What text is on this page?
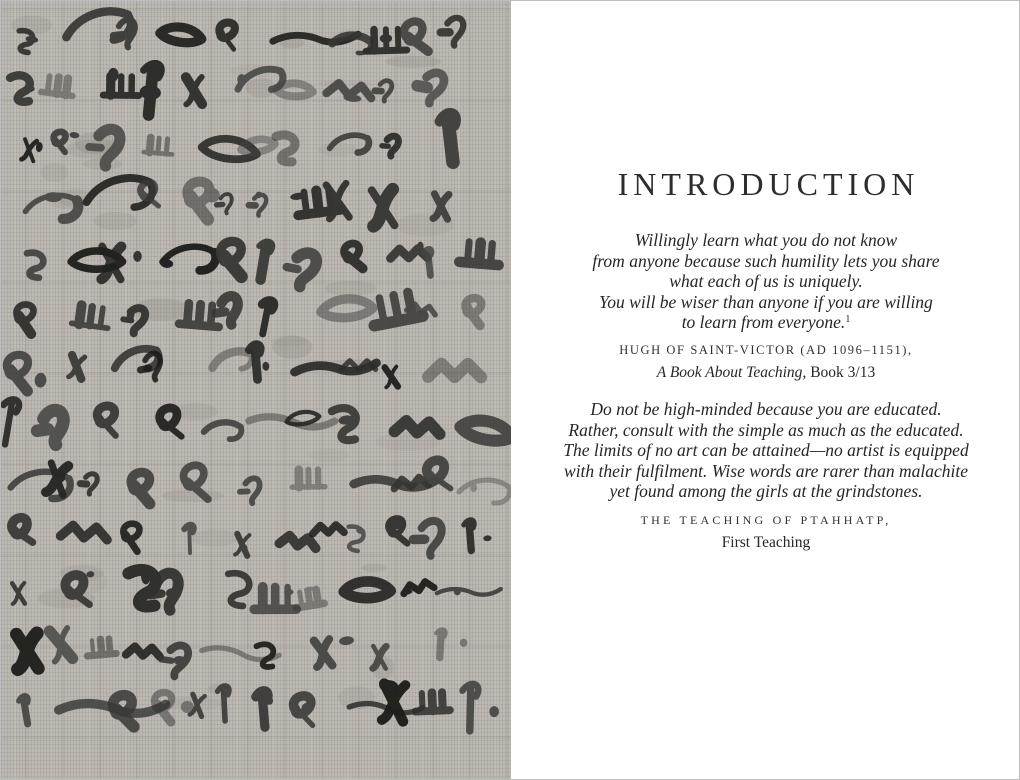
INTRODUCTION
Willingly learn what you do not know
from anyone because such humility lets you share
what each of us is uniquely.
You will be wiser than anyone if you are willing
to learn from everyone.$^1$
HUGH OF SAINT-VICTOR (AD 1096–1151),
A Book About Teaching, Book 3/13
Do not be high-minded because you are educated.
Rather, consult with the simple as much as the educated.
The limits of no art can be attained—no artist is equipped
with their fulfilment. Wise words are rarer than malachite
yet found among the girls at the grindstones.
THE TEACHING OF PTAHHATP,
First Teaching
